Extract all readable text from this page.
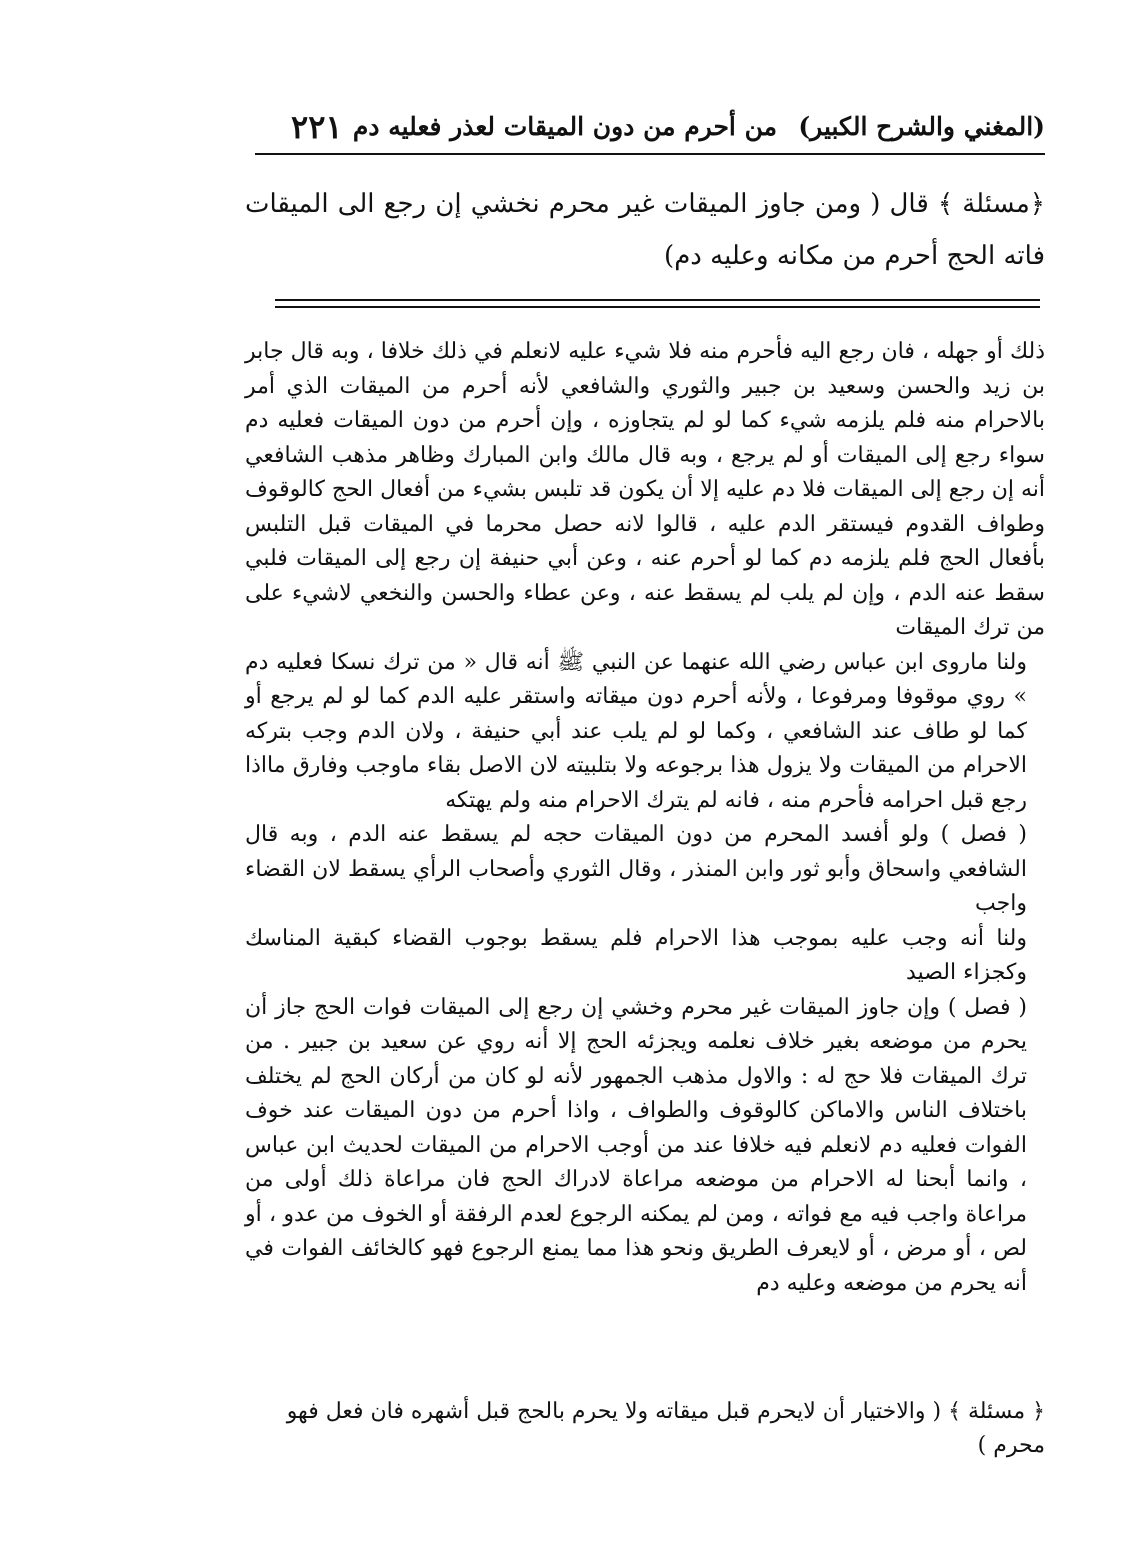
(المغني والشرح الكبير)
من أحرم من دون الميقات لعذر فعليه دم
٢٢١
﴿مسئلة ﴾ قال ( ومن جاوز الميقات غير محرم نخشي إن رجع الى الميقات فاته الحج أحرم من مكانه وعليه دم)

ذلك أو جهله ، فان رجع اليه فأحرم منه فلا شيء عليه لانعلم في ذلك خلافا ، وبه قال جابر بن زيد والحسن وسعيد بن جبير والثوري والشافعي لأنه أحرم من الميقات الذي أمر بالاحرام منه فلم يلزمه شيء كما لو لم يتجاوزه ، وإن أحرم من دون الميقات فعليه دم سواء رجع إلى الميقات أو لم يرجع ، وبه قال مالك وابن المبارك وظاهر مذهب الشافعي أنه إن رجع إلى الميقات فلا دم عليه إلا أن يكون قد تلبس بشيء من أفعال الحج كالوقوف وطواف القدوم فيستقر الدم عليه ، قالوا لانه حصل محرما في الميقات قبل التلبس بأفعال الحج فلم يلزمه دم كما لو أحرم عنه ، وعن أبي حنيفة إن رجع إلى الميقات فلبي سقط عنه الدم ، وإن لم يلب لم يسقط عنه ، وعن عطاء والحسن والنخعي لاشيء على من ترك الميقات

ولنا ماروى ابن عباس رضي الله عنهما عن النبي ﷺ أنه قال « من ترك نسكا فعليه دم » روي موقوفا ومرفوعا ، ولأنه أحرم دون ميقاته واستقر عليه الدم كما لو لم يرجع أو كما لو طاف عند الشافعي ، وكما لو لم يلب عند أبي حنيفة ، ولان الدم وجب بتركه الاحرام من الميقات ولا يزول هذا برجوعه ولا بتلبيته لان الاصل بقاء ماوجب وفارق مااذا رجع قبل احرامه فأحرم منه ، فانه لم يترك الاحرام منه ولم يهتكه

( فصل ) ولو أفسد المحرم من دون الميقات حجه لم يسقط عنه الدم ، وبه قال الشافعي واسحاق وأبو ثور وابن المنذر ، وقال الثوري وأصحاب الرأي يسقط لان القضاء واجب

ولنا أنه وجب عليه بموجب هذا الاحرام فلم يسقط بوجوب القضاء كبقية المناسك وكجزاء الصيد

( فصل ) وإن جاوز الميقات غير محرم وخشي إن رجع إلى الميقات فوات الحج جاز أن يحرم من موضعه بغير خلاف نعلمه ويجزئه الحج إلا أنه روي عن سعيد بن جبير . من ترك الميقات فلا حج له : والاول مذهب الجمهور لأنه لو كان من أركان الحج لم يختلف باختلاف الناس والاماكن كالوقوف والطواف ، واذا أحرم من دون الميقات عند خوف الفوات فعليه دم لانعلم فيه خلافا عند من أوجب الاحرام من الميقات لحديث ابن عباس ، وانما أبحنا له الاحرام من موضعه مراعاة لادراك الحج فان مراعاة ذلك أولى من مراعاة واجب فيه مع فواته ، ومن لم يمكنه الرجوع لعدم الرفقة أو الخوف من عدو ، أو لص ، أو مرض ، أو لايعرف الطريق ونحو هذا مما يمنع الرجوع فهو كالخائف الفوات في أنه يحرم من موضعه وعليه دم

﴿ مسئلة ﴾ ( والاختيار أن لايحرم قبل ميقاته ولا يحرم بالحج قبل أشهره فان فعل فهو محرم )
